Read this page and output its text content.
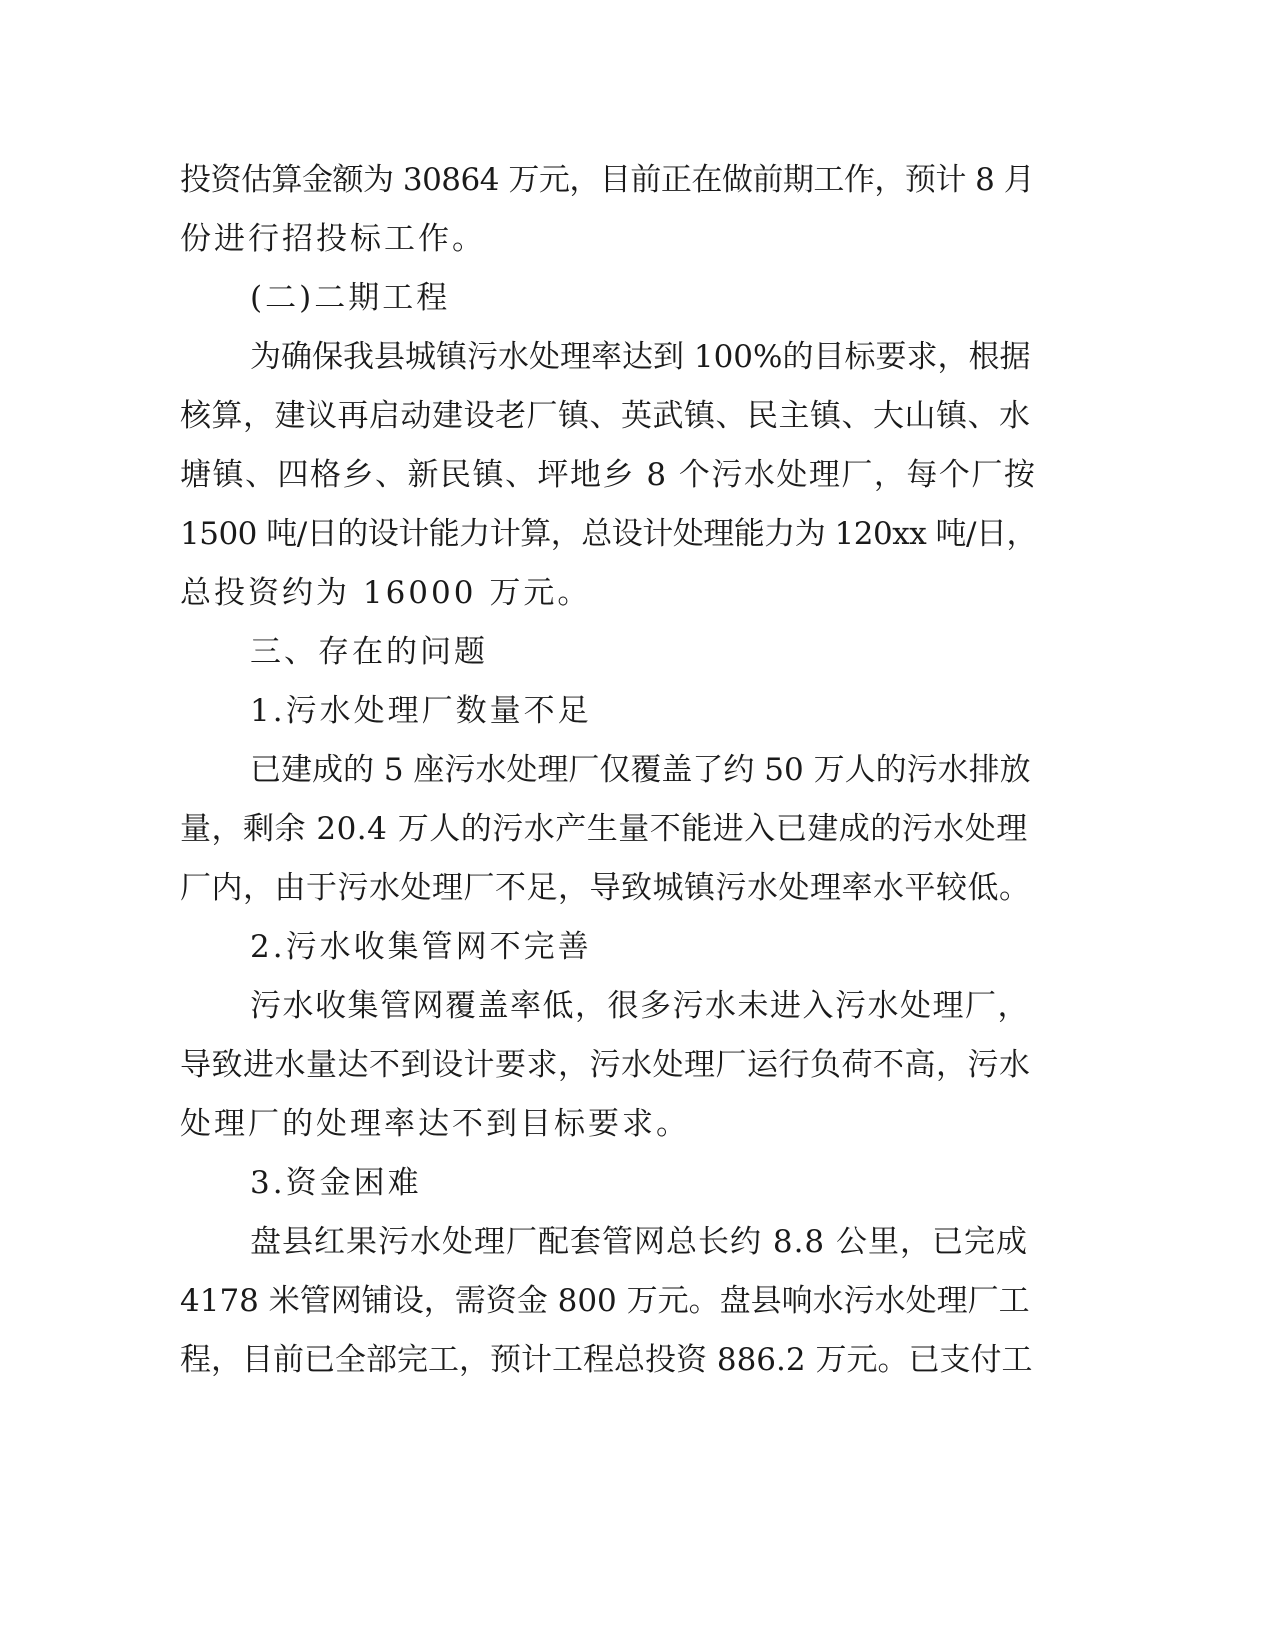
投资估算金额为 30864 万元，目前正在做前期工作，预计 8 月
份进行招投标工作。
(二)二期工程
为确保我县城镇污水处理率达到 100%的目标要求，根据
核算，建议再启动建设老厂镇、英武镇、民主镇、大山镇、水
塘镇、四格乡、新民镇、坪地乡 8 个污水处理厂，每个厂按
1500 吨/日的设计能力计算，总设计处理能力为 120xx 吨/日，
总投资约为 16000 万元。
三、存在的问题
1.污水处理厂数量不足
已建成的 5 座污水处理厂仅覆盖了约 50 万人的污水排放
量，剩余 20.4 万人的污水产生量不能进入已建成的污水处理
厂内，由于污水处理厂不足，导致城镇污水处理率水平较低。
2.污水收集管网不完善
污水收集管网覆盖率低，很多污水未进入污水处理厂，
导致进水量达不到设计要求，污水处理厂运行负荷不高，污水
处理厂的处理率达不到目标要求。
3.资金困难
盘县红果污水处理厂配套管网总长约 8.8 公里，已完成
4178 米管网铺设，需资金 800 万元。盘县响水污水处理厂工
程，目前已全部完工，预计工程总投资 886.2 万元。已支付工
